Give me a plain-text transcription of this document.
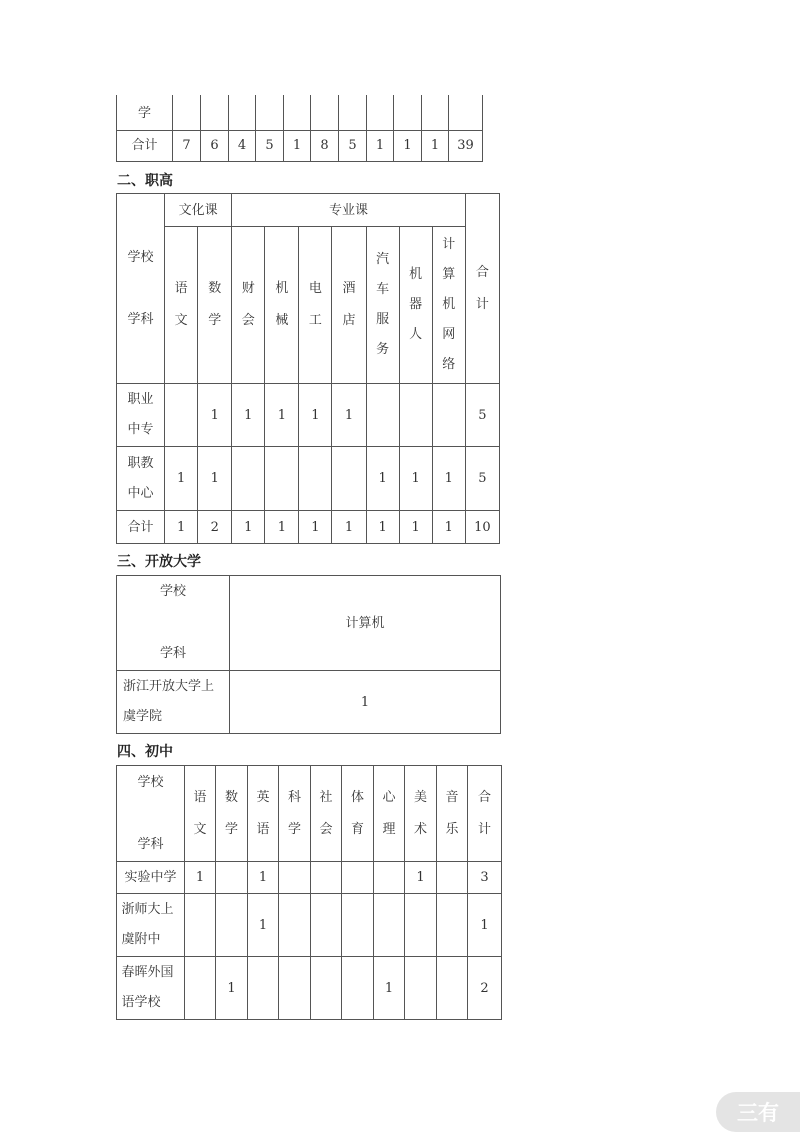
学											

合计	7	6	4	5	1	8	5	1	1	1	39
二、职高
学校
学科	文化课		专业课							合计
	语文	数学	财会	机械	电工	酒店	汽车服务	机器人	计算机网络	
职业中专		1	1	1	1	1				5
职教中心	1	1					1	1	1	5
合计	1	2	1	1	1	1	1	1	1	10
三、开放大学
学校
学科	计算机
浙江开放大学上虞学院	1
四、初中
学校
学科	语文	数学	英语	科学	社会	体育	心理	美术	音乐	合计
实验中学	1		1					1		3
浙师大上虞附中			1							1
春晖外国语学校		1					1			2
三有
